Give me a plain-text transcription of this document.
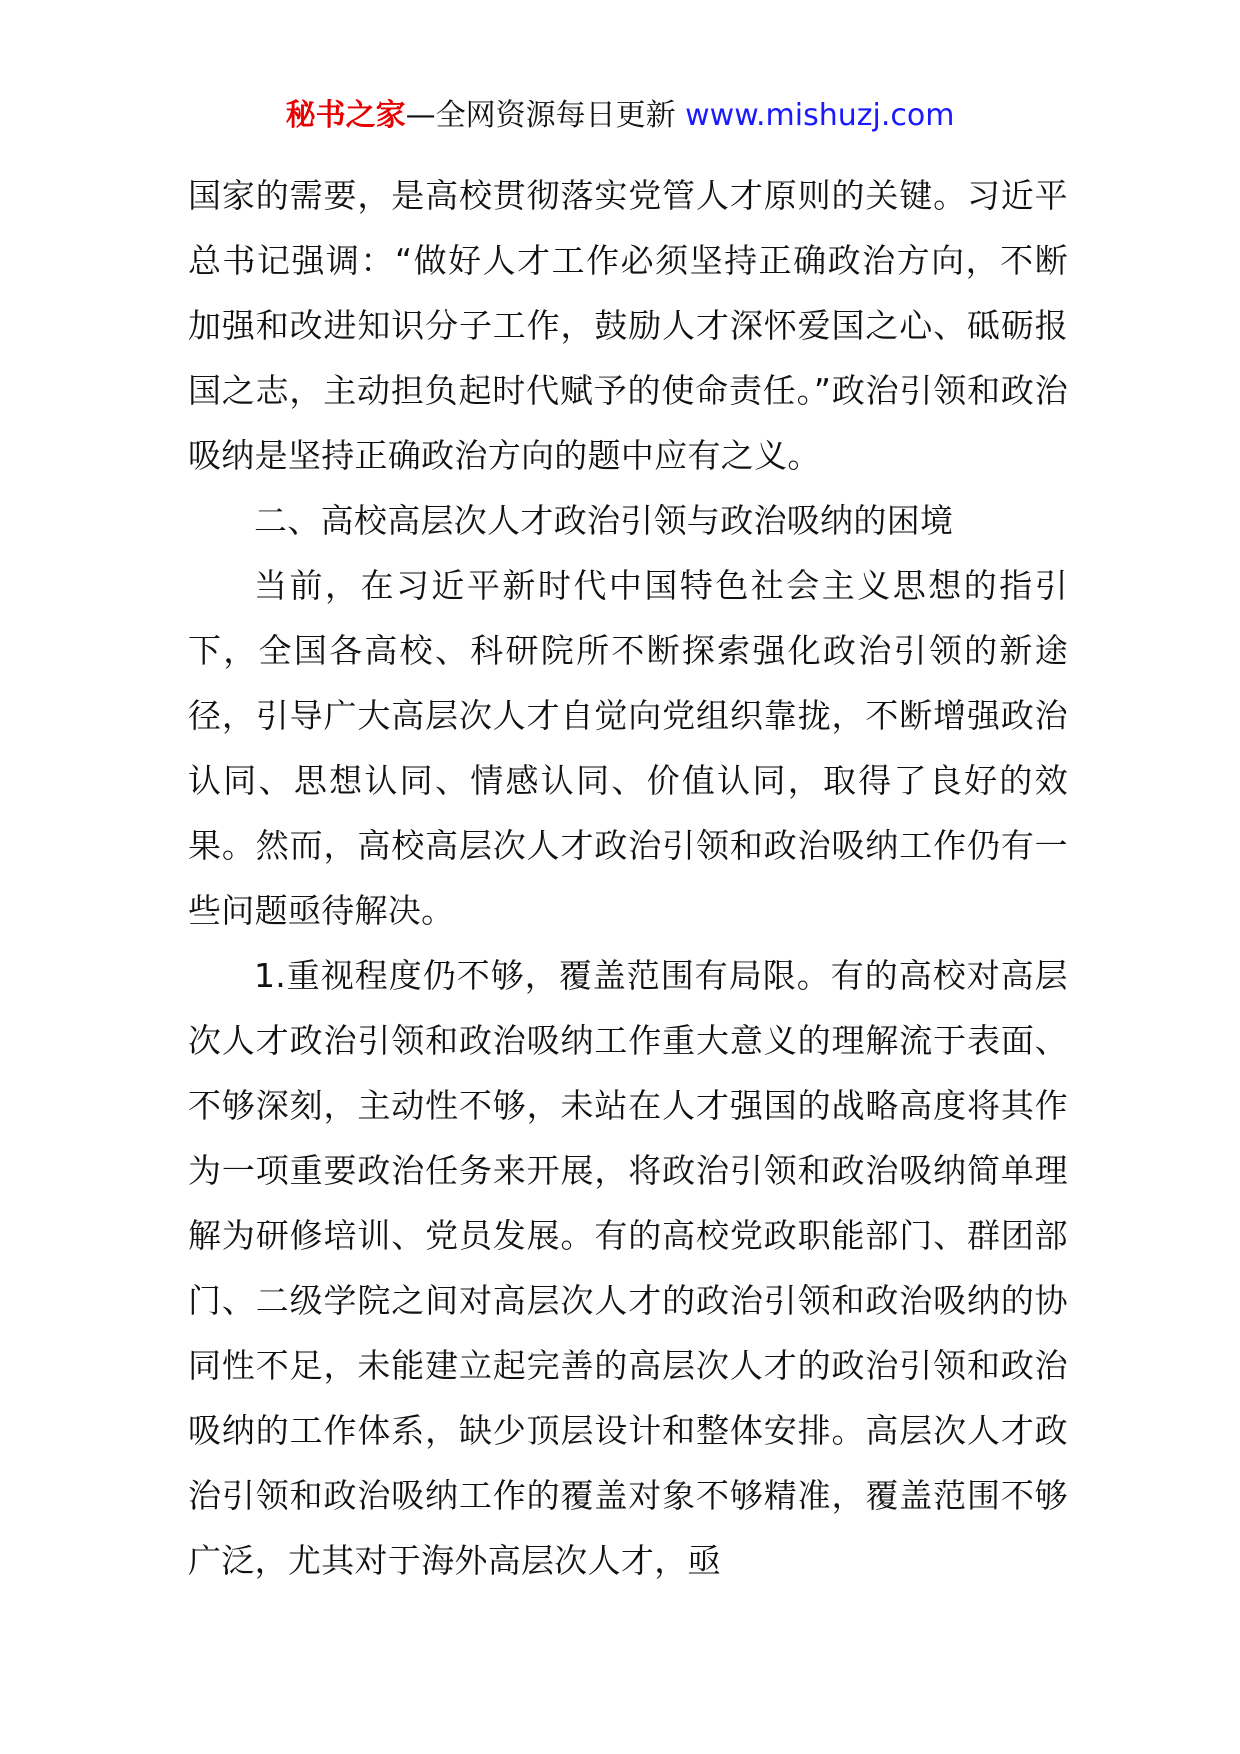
秘书之家—全网资源每日更新 www.mishuzj.com

国家的需要，是高校贯彻落实党管人才原则的关键。习近平总书记强调：“做好人才工作必须坚持正确政治方向，不断加强和改进知识分子工作，鼓励人才深怀爱国之心、砥砺报国之志，主动担负起时代赋予的使命责任。”政治引领和政治吸纳是坚持正确政治方向的题中应有之义。

二、高校高层次人才政治引领与政治吸纳的困境

当前，在习近平新时代中国特色社会主义思想的指引下，全国各高校、科研院所不断探索强化政治引领的新途径，引导广大高层次人才自觉向党组织靠拢，不断增强政治认同、思想认同、情感认同、价值认同，取得了良好的效果。然而，高校高层次人才政治引领和政治吸纳工作仍有一些问题亟待解决。

1.重视程度仍不够，覆盖范围有局限。有的高校对高层次人才政治引领和政治吸纳工作重大意义的理解流于表面、不够深刻，主动性不够，未站在人才强国的战略高度将其作为一项重要政治任务来开展，将政治引领和政治吸纳简单理解为研修培训、党员发展。有的高校党政职能部门、群团部门、二级学院之间对高层次人才的政治引领和政治吸纳的协同性不足，未能建立起完善的高层次人才的政治引领和政治吸纳的工作体系，缺少顶层设计和整体安排。高层次人才政治引领和政治吸纳工作的覆盖对象不够精准，覆盖范围不够广泛，尤其对于海外高层次人才，亟
